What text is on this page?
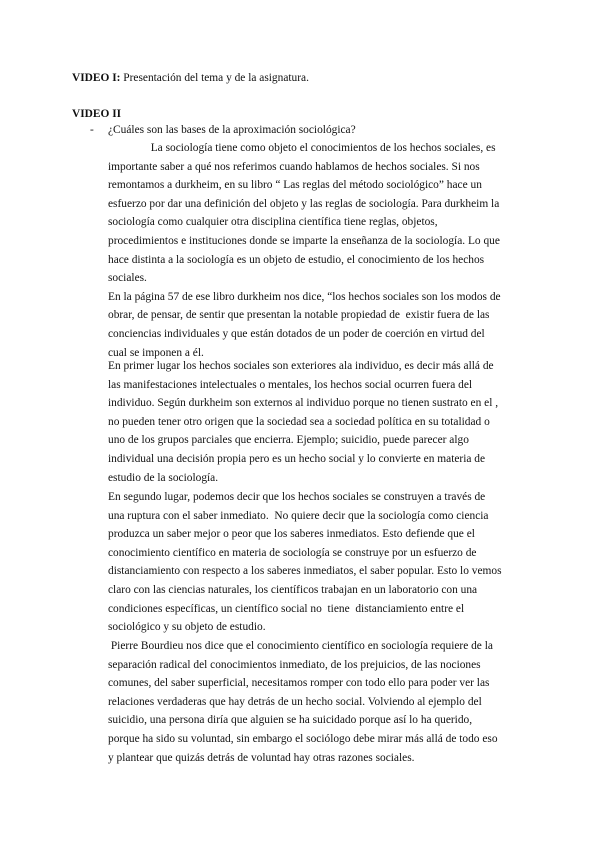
VIDEO I: Presentación del tema y de la asignatura.
VIDEO II
- ¿Cuáles son las bases de la aproximación sociológica?
La sociología tiene como objeto el conocimientos de los hechos sociales, es
importante saber a qué nos referimos cuando hablamos de hechos sociales. Si nos
remontamos a durkheim, en su libro “ Las reglas del método sociológico” hace un
esfuerzo por dar una definición del objeto y las reglas de sociología. Para durkheim la
sociología como cualquier otra disciplina científica tiene reglas, objetos,
procedimientos e instituciones donde se imparte la enseñanza de la sociología. Lo que
hace distinta a la sociología es un objeto de estudio, el conocimiento de los hechos
sociales.
En la página 57 de ese libro durkheim nos dice, “los hechos sociales son los modos de
obrar, de pensar, de sentir que presentan la notable propiedad de  existir fuera de las
conciencias individuales y que están dotados de un poder de coerción en virtud del
cual se imponen a él.
En primer lugar los hechos sociales son exteriores ala individuo, es decir más allá de
las manifestaciones intelectuales o mentales, los hechos social ocurren fuera del
individuo. Según durkheim son externos al individuo porque no tienen sustrato en el ,
no pueden tener otro origen que la sociedad sea a sociedad política en su totalidad o
uno de los grupos parciales que encierra. Ejemplo; suicidio, puede parecer algo
individual una decisión propia pero es un hecho social y lo convierte en materia de
estudio de la sociología.
En segundo lugar, podemos decir que los hechos sociales se construyen a través de
una ruptura con el saber inmediato.  No quiere decir que la sociología como ciencia
produzca un saber mejor o peor que los saberes inmediatos. Esto defiende que el
conocimiento científico en materia de sociología se construye por un esfuerzo de
distanciamiento con respecto a los saberes inmediatos, el saber popular. Esto lo vemos
claro con las ciencias naturales, los científicos trabajan en un laboratorio con una
condiciones específicas, un científico social no  tiene  distanciamiento entre el
sociológico y su objeto de estudio.
Pierre Bourdieu nos dice que el conocimiento científico en sociología requiere de la
separación radical del conocimientos inmediato, de los prejuicios, de las nociones
comunes, del saber superficial, necesitamos romper con todo ello para poder ver las
relaciones verdaderas que hay detrás de un hecho social. Volviendo al ejemplo del
suicidio, una persona diría que alguien se ha suicidado porque así lo ha querido,
porque ha sido su voluntad, sin embargo el sociólogo debe mirar más allá de todo eso
y plantear que quizás detrás de voluntad hay otras razones sociales.
